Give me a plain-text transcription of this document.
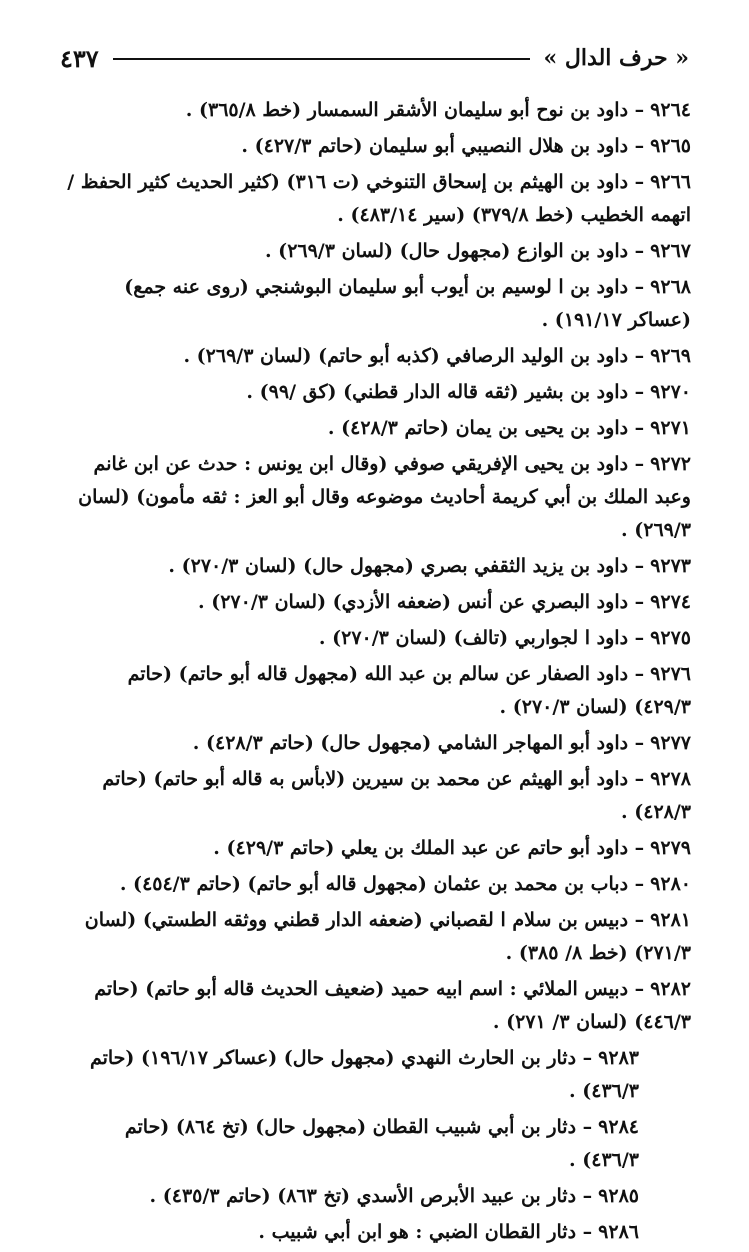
« حرف الدال »
٤٣٧

٩٢٦٤– داود بن نوح أبو سليمان الأشقر السمسار (خط ٣٦٥/٨) .

٩٢٦٥– داود بن هلال النصيبي أبو سليمان (حاتم ٤٢٧/٣) .

٩٢٦٦– داود بن الهيثم بن إسحاق التنوخي (ت ٣١٦) (كثير الحديث كثير الحفظ / اتهمه الخطيب (خط ٣٧٩/٨) (سير ٤٨٣/١٤) .

٩٢٦٧– داود بن الوازع (مجهول حال) (لسان ٢٦٩/٣) .

٩٢٦٨– داود بن ا لوسيم بن أيوب أبو سليمان البوشنجي (روى عنه جمع) (عساكر ١٩١/١٧) .

٩٢٦٩– داود بن الوليد الرصافي (كذبه أبو حاتم) (لسان ٢٦٩/٣) .

٩٢٧٠– داود بن بشير (ثقه قاله الدار قطني) (كق /٩٩) .

٩٢٧١– داود بن يحيى بن يمان (حاتم ٤٢٨/٣) .

٩٢٧٢– داود بن يحيى الإفريقي صوفي (وقال ابن يونس : حدث عن ابن غانم وعبد الملك بن أبي كريمة أحاديث موضوعه وقال أبو العز : ثقه مأمون) (لسان ٢٦٩/٣) .

٩٢٧٣– داود بن يزيد الثقفي بصري (مجهول حال) (لسان ٢٧٠/٣) .

٩٢٧٤– داود البصري عن أنس (ضعفه الأزدي) (لسان ٢٧٠/٣) .

٩٢٧٥– داود ا لجواربي (تالف) (لسان ٢٧٠/٣) .

٩٢٧٦– داود الصفار عن سالم بن عبد الله (مجهول قاله أبو حاتم) (حاتم ٤٢٩/٣) (لسان ٢٧٠/٣) .

٩٢٧٧– داود أبو المهاجر الشامي (مجهول حال) (حاتم ٤٢٨/٣) .

٩٢٧٨– داود أبو الهيثم عن محمد بن سيرين (لابأس به قاله أبو حاتم) (حاتم ٤٢٨/٣) .

٩٢٧٩– داود أبو حاتم عن عبد الملك بن يعلي (حاتم ٤٢٩/٣) .

٩٢٨٠– دباب بن محمد بن عثمان (مجهول قاله أبو حاتم) (حاتم ٤٥٤/٣) .

٩٢٨١– دبيس بن سلام ا لقصباني (ضعفه الدار قطني ووثقه الطستي) (لسان ٢٧١/٣) (خط ٨/ ٣٨٥) .

٩٢٨٢– دبيس الملائي : اسم ابيه حميد (ضعيف الحديث قاله أبو حاتم) (حاتم ٤٤٦/٣) (لسان ٣/ ٢٧١) .

٩٢٨٣– دثار بن الحارث النهدي (مجهول حال) (عساكر ١٩٦/١٧) (حاتم ٤٣٦/٣) .

٩٢٨٤– دثار بن أبي شبيب القطان (مجهول حال) (تخ ٨٦٤) (حاتم ٤٣٦/٣) .

٩٢٨٥– دثار بن عبيد الأبرص الأسدي (تخ ٨٦٣) (حاتم ٤٣٥/٣) .

٩٢٨٦– دثار القطان الضبي : هو ابن أبي شبيب .
